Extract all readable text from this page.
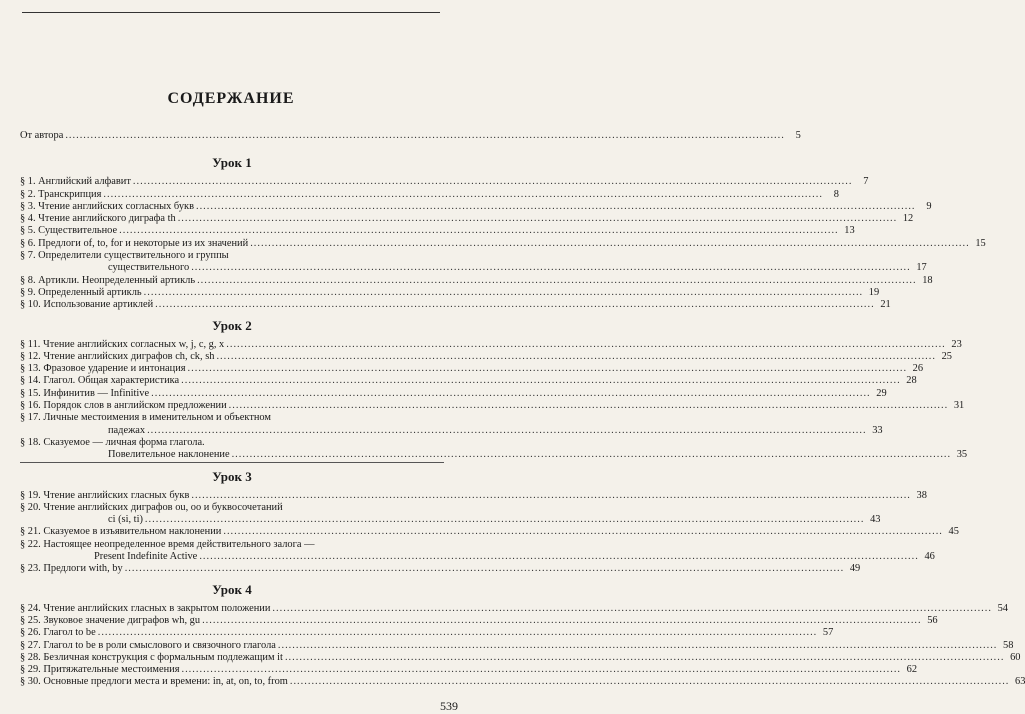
СОДЕРЖАНИЕ
От автора .....	5
Урок 1
§ 1. Английский алфавит .....	7
§ 2. Транскрипция .....	8
§ 3. Чтение английских согласных букв .....	9
§ 4. Чтение английского диграфа th .....	12
§ 5. Существительное .....	13
§ 6. Предлоги of, to, for и некоторые из их значений .....	15
§ 7. Определители существительного и группы
существительного .....	17
§ 8. Артикли. Неопределенный артикль .....	18
§ 9. Определенный артикль .....	19
§ 10. Использование артиклей .....	21
Урок 2
§ 11. Чтение английских согласных w, j, c, g, x .....	23
§ 12. Чтение английских диграфов ch, ck, sh .....	25
§ 13. Фразовое ударение и интонация .....	26
§ 14. Глагол. Общая характеристика .....	28
§ 15. Инфинитив — Infinitive .....	29
§ 16. Порядок слов в английском предложении .....	31
§ 17. Личные местоимения в именительном и объектном
падежах .....	33
§ 18. Сказуемое — личная форма глагола.
Повелительное наклонение .....	35
Урок 3
§ 19. Чтение английских гласных букв .....	38
§ 20. Чтение английских диграфов ou, oo и буквосочетаний
ci (si, ti) .....	43
§ 21. Сказуемое в изъявительном наклонении .....	45
§ 22. Настоящее неопределенное время действительного залога —
Present Indefinite Active .....	46
§ 23. Предлоги with, by .....	49
Урок 4
§ 24. Чтение английских гласных в закрытом положении .....	54
§ 25. Звуковое значение диграфов wh, gu .....	56
§ 26. Глагол to be .....	57
§ 27. Глагол to be в роли смыслового и связочного глагола .....	58
§ 28. Безличная конструкция с формальным подлежащим it .....	60
§ 29. Притяжательные местоимения .....	62
§ 30. Основные предлоги места и времени: in, at, on, to, from .....	63
539
